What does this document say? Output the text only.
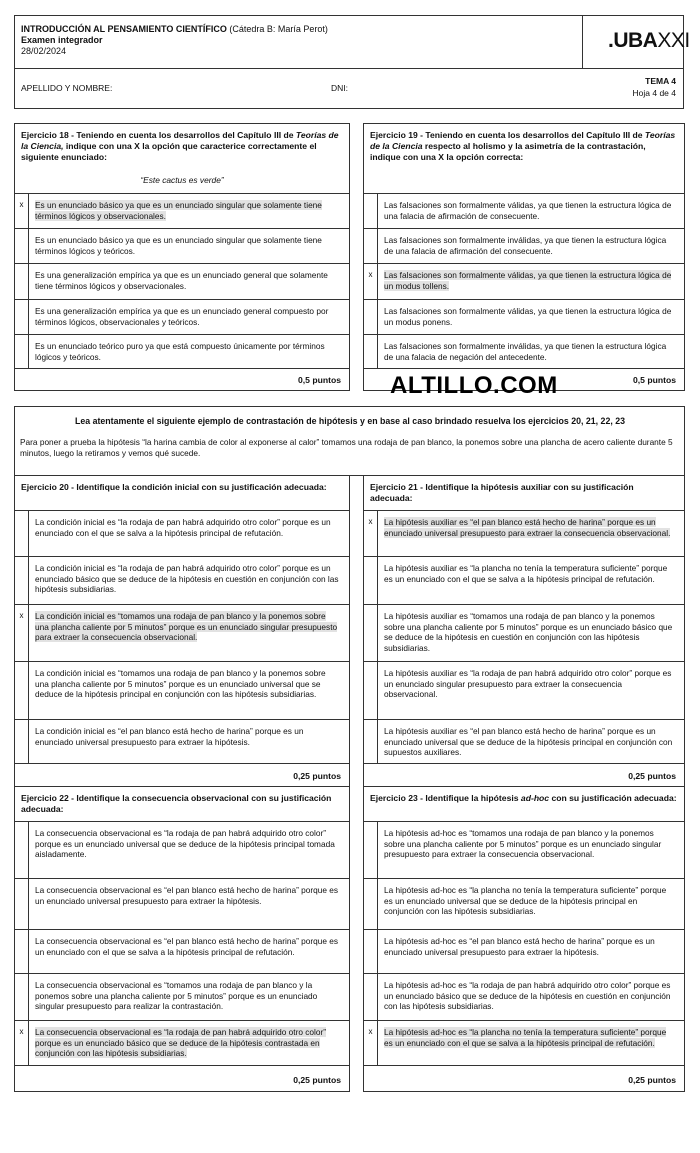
INTRODUCCIÓN AL PENSAMIENTO CIENTÍFICO (Cátedra B: María Perot)
Examen integrador
28/02/2024	.UBAXXI
APELLIDO Y NOMBRE:	DNI:
TEMA 4
Hoja 4 de 4
Ejercicio 18 - Teniendo en cuenta los desarrollos del Capítulo III de Teorías de la Ciencia, indique con una X la opción que caracterice correctamente el siguiente enunciado:
“Este cactus es verde”
x	Es un enunciado básico ya que es un enunciado singular que solamente tiene términos lógicos y observacionales.
Es un enunciado básico ya que es un enunciado singular que solamente tiene términos lógicos y teóricos.
Es una generalización empírica ya que es un enunciado general que solamente tiene términos lógicos y observacionales.
Es una generalización empírica ya que es un enunciado general compuesto por términos lógicos, observacionales y teóricos.
Es un enunciado teórico puro ya que está compuesto únicamente por términos lógicos y teóricos.
0,5 puntos
Ejercicio 19 - Teniendo en cuenta los desarrollos del Capítulo III de Teorías de la Ciencia respecto al holismo y la asimetría de la contrastación, indique con una X la opción correcta:
Las falsaciones son formalmente válidas, ya que tienen la estructura lógica de una falacia de afirmación de consecuente.
Las falsaciones son formalmente inválidas, ya que tienen la estructura lógica de una falacia de afirmación del consecuente.
x	Las falsaciones son formalmente válidas, ya que tienen la estructura lógica de un modus tollens.
Las falsaciones son formalmente válidas, ya que tienen la estructura lógica de un modus ponens.
Las falsaciones son formalmente inválidas, ya que tienen la estructura lógica de una falacia de negación del antecedente.
0,5 puntos
ALTILLO.COM
Lea atentamente el siguiente ejemplo de contrastación de hipótesis y en base al caso brindado resuelva los ejercicios 20, 21, 22, 23
Para poner a prueba la hipótesis “la harina cambia de color al exponerse al calor” tomamos una rodaja de pan blanco, la ponemos sobre una plancha de acero caliente durante 5 minutos, luego la retiramos y vemos qué sucede.
Ejercicio 20 - Identifique la condición inicial con su justificación adecuada:
La condición inicial es “la rodaja de pan habrá adquirido otro color” porque es un enunciado con el que se salva a la hipótesis principal de refutación.
La condición inicial es “la rodaja de pan habrá adquirido otro color” porque es un enunciado básico que se deduce de la hipótesis en cuestión en conjunción con las hipótesis subsidiarias.
x	La condición inicial es “tomamos una rodaja de pan blanco y la ponemos sobre una plancha caliente por 5 minutos” porque es un enunciado singular presupuesto para extraer la consecuencia observacional.
La condición inicial es “tomamos una rodaja de pan blanco y la ponemos sobre una plancha caliente por 5 minutos” porque es un enunciado universal que se deduce de la hipótesis principal en conjunción con las hipótesis subsidiarias.
La condición inicial es “el pan blanco está hecho de harina” porque es un enunciado universal presupuesto para extraer la hipótesis.
0,25 puntos
Ejercicio 21 - Identifique la hipótesis auxiliar con su justificación adecuada:
x	La hipótesis auxiliar es “el pan blanco está hecho de harina” porque es un enunciado universal presupuesto para extraer la consecuencia observacional.
La hipótesis auxiliar es “la plancha no tenía la temperatura suficiente” porque es un enunciado con el que se salva a la hipótesis principal de refutación.
La hipótesis auxiliar es “tomamos una rodaja de pan blanco y la ponemos sobre una plancha caliente por 5 minutos” porque es un enunciado básico que se deduce de la hipótesis en cuestión en conjunción con las hipótesis subsidiarias.
La hipótesis auxiliar es “la rodaja de pan habrá adquirido otro color” porque es un enunciado singular presupuesto para extraer la consecuencia observacional.
La hipótesis auxiliar es “el pan blanco está hecho de harina” porque es un enunciado universal que se deduce de la hipótesis principal en conjunción con supuestos auxiliares.
0,25 puntos
Ejercicio 22 - Identifique la consecuencia observacional con su justificación adecuada:
La consecuencia observacional es “la rodaja de pan habrá adquirido otro color” porque es un enunciado universal que se deduce de la hipótesis principal tomada aisladamente.
La consecuencia observacional es “el pan blanco está hecho de harina” porque es un enunciado universal presupuesto para extraer la hipótesis.
La consecuencia observacional es “el pan blanco está hecho de harina” porque es un enunciado con el que se salva a la hipótesis principal de refutación.
La consecuencia observacional es “tomamos una rodaja de pan blanco y la ponemos sobre una plancha caliente por 5 minutos” porque es un enunciado singular presupuesto para realizar la contrastación.
x	La consecuencia observacional es “la rodaja de pan habrá adquirido otro color” porque es un enunciado básico que se deduce de la hipótesis contrastada en conjunción con las hipótesis subsidiarias.
0,25 puntos
Ejercicio 23 - Identifique la hipótesis ad-hoc con su justificación adecuada:
La hipótesis ad-hoc es “tomamos una rodaja de pan blanco y la ponemos sobre una plancha caliente por 5 minutos” porque es un enunciado singular presupuesto para extraer la consecuencia observacional.
La hipótesis ad-hoc es “la plancha no tenía la temperatura suficiente” porque es un enunciado universal que se deduce de la hipótesis principal en conjunción con las hipótesis subsidiarias.
La hipótesis ad-hoc es “el pan blanco está hecho de harina” porque es un enunciado universal presupuesto para extraer la hipótesis.
La hipótesis ad-hoc es “la rodaja de pan habrá adquirido otro color” porque es un enunciado básico que se deduce de la hipótesis en cuestión en conjunción con las hipótesis subsidiarias.
x	La hipótesis ad-hoc es “la plancha no tenía la temperatura suficiente” porque es un enunciado con el que se salva a la hipótesis principal de refutación.
0,25 puntos
